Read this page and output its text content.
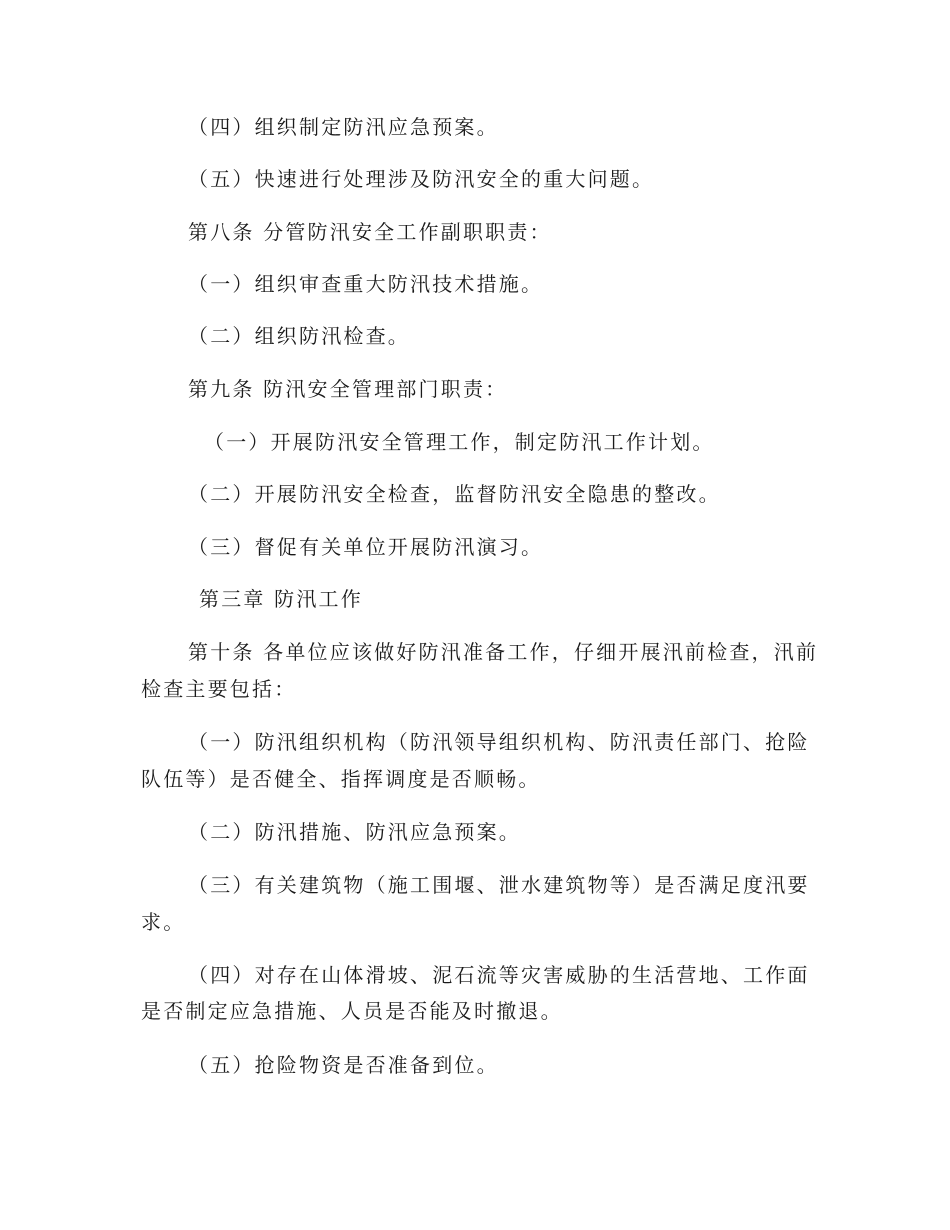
（四）组织制定防汛应急预案。
（五）快速进行处理涉及防汛安全的重大问题。
第八条 分管防汛安全工作副职职责：
（一）组织审查重大防汛技术措施。
（二）组织防汛检查。
第九条 防汛安全管理部门职责：
（一）开展防汛安全管理工作，制定防汛工作计划。
（二）开展防汛安全检查，监督防汛安全隐患的整改。
（三）督促有关单位开展防汛演习。
第三章 防汛工作
第十条 各单位应该做好防汛准备工作，仔细开展汛前检查，汛前
检查主要包括：
（一）防汛组织机构（防汛领导组织机构、防汛责任部门、抢险
队伍等）是否健全、指挥调度是否顺畅。
（二）防汛措施、防汛应急预案。
（三）有关建筑物（施工围堰、泄水建筑物等）是否满足度汛要
求。
（四）对存在山体滑坡、泥石流等灾害威胁的生活营地、工作面
是否制定应急措施、人员是否能及时撤退。
（五）抢险物资是否准备到位。
